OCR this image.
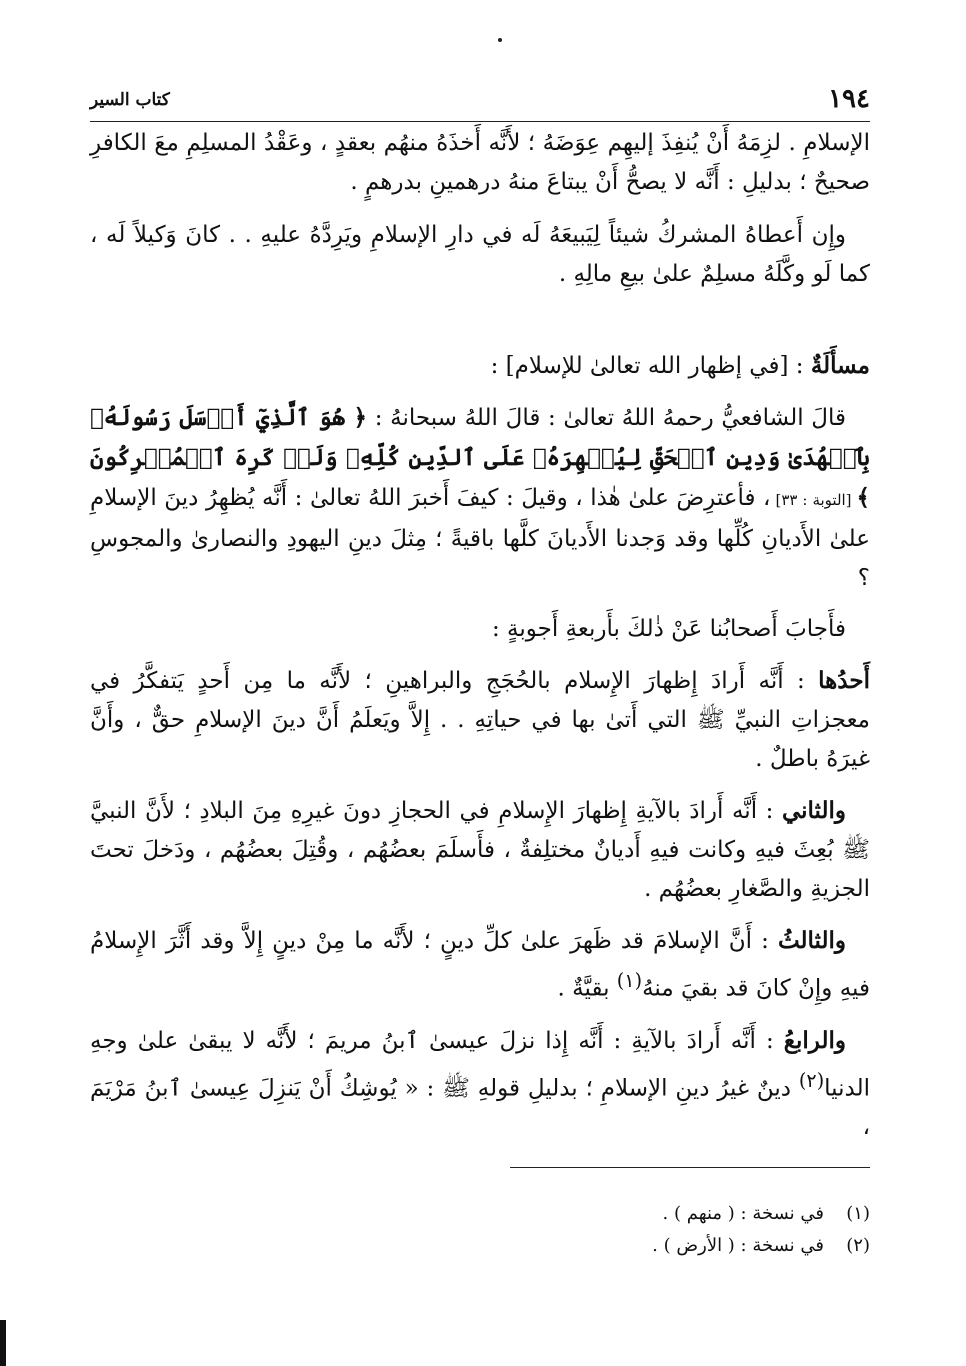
١٩٤
كتاب السير

الإسلامِ . لزِمَهُ أَنْ يُنفِذَ إليهِم عِوَضَهُ ؛ لأَنَّه أَخذَهُ منهُم بعقدٍ ، وعَقْدُ المسلِمِ معَ الكافرِ صحيحٌ ؛ بدليلِ : أَنَّه لا يصحُّ أَنْ يبتاعَ منهُ درهمينِ بدرهمٍ .

وإِن أَعطاهُ المشركُ شيئاً لِيَبيعَهُ لَه في دارِ الإسلامِ ويَرِدَّهُ عليهِ . . كانَ وَكيلاً لَه ، كما لَو وكَّلَهُ مسلِمٌ علىٰ بيعِ مالِهِ .

مسأَلَةٌ : [في إظهار الله تعالىٰ للإسلام] :

قالَ الشافعيُّ رحمهُ اللهُ تعالىٰ : قالَ اللهُ سبحانهُ : ﴿ هُوَ ٱلَّذِيٓ أَرۡسَلَ رَسُولَهُۥ بِٱلۡهُدَىٰ وَدِينِ ٱلۡحَقِّ لِيُظۡهِرَهُۥ عَلَى ٱلدِّينِ كُلِّهِۦ وَلَوۡ كَرِهَ ٱلۡمُشۡرِكُونَ ﴾ [التوبة : ٣٣] ، فأعترِضَ علىٰ هٰذا ، وقيلَ : كيفَ أَخبرَ اللهُ تعالىٰ : أَنَّه يُظهِرُ دينَ الإسلامِ علىٰ الأَديانِ كُلِّها وقد وَجدنا الأَديانَ كلَّها باقيةً ؛ مِثلَ دينِ اليهودِ والنصارىٰ والمجوسِ ؟

فأَجابَ أَصحابُنا عَنْ ذٰلكَ بأَربعةِ أَجوبةٍ :

أَحدُها : أَنَّه أَرادَ إِظهارَ الإِسلام بالحُجَجِ والبراهينِ ؛ لأَنَّه ما مِن أَحدٍ يَتفكَّرُ في معجزاتِ النبيِّ ﷺ التي أَتىٰ بها في حياتِهِ . . إِلاَّ ويَعلَمُ أَنَّ دينَ الإسلامِ حقٌّ ، وأَنَّ غيرَهُ باطلٌ .

والثاني : أَنَّه أَرادَ بالآيةِ إِظهارَ الإِسلامِ في الحجازِ دونَ غيرِهِ مِنَ البلادِ ؛ لأَنَّ النبيَّ ﷺ بُعِثَ فيهِ وكانت فيهِ أَديانٌ مختلِفةٌ ، فأَسلَمَ بعضُهُم ، وقُتِلَ بعضُهُم ، ودَخلَ تحتَ الجزيةِ والصَّغارِ بعضُهُم .

والثالثُ : أَنَّ الإسلامَ قد ظَهرَ علىٰ كلِّ دينٍ ؛ لأَنَّه ما مِنْ دينٍ إِلاَّ وقد أَثَّرَ الإِسلامُ فيهِ وإِنْ كانَ قد بقيَ منهُ$^{(١)}$ بقيَّةٌ .

والرابعُ : أَنَّه أَرادَ بالآيةِ : أَنَّه إِذا نزلَ عيسىٰ ٱبنُ مريمَ ؛ لأَنَّه لا يبقىٰ علىٰ وجهِ الدنيا$^{(٢)}$ دينٌ غيرُ دينِ الإسلامِ ؛ بدليلِ قولهِ ﷺ : « يُوشِكُ أَنْ يَنزِلَ عِيسىٰ ٱبنُ مَرْيَمَ ،

(١)في نسخة : ( منهم ) .
(٢)في نسخة : ( الأرض ) .
